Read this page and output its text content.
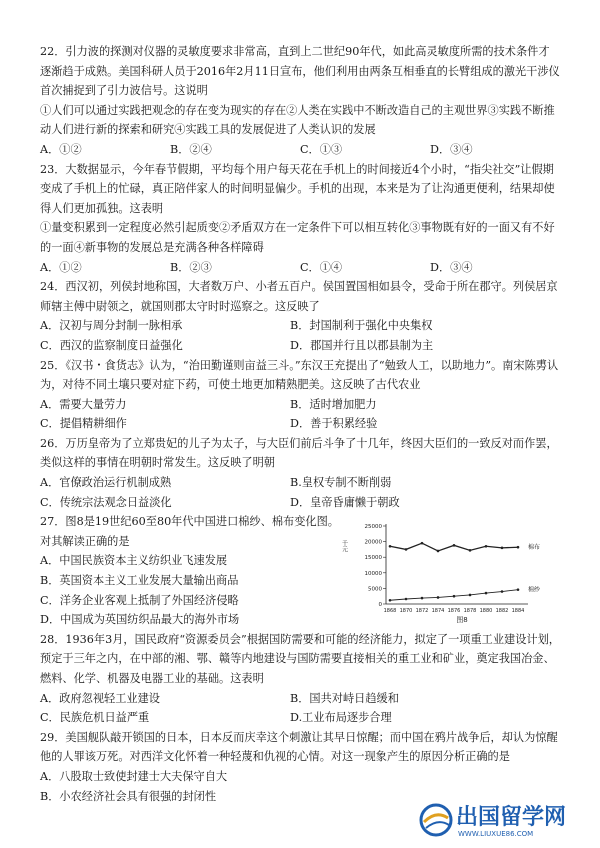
22．引力波的探测对仪器的灵敏度要求非常高，直到上二世纪90年代，如此高灵敏度所需的技术条件才逐渐趋于成熟。美国科研人员于2016年2月11日宣布，他们利用由两条互相垂直的长臂组成的激光干涉仪首次捕捉到了引力波信号。这说明

①人们可以通过实践把观念的存在变为现实的存在②人类在实践中不断改造自己的主观世界③实践不断推动人们进行新的探索和研究④实践工具的发展促进了人类认识的发展

A．①②	B．②④	C．①③	D．③④

23．大数据显示，今年春节假期，平均每个用户每天花在手机上的时间接近4个小时，“指尖社交”让假期变成了手机上的忙碌，真正陪伴家人的时间明显偏少。手机的出现，本来是为了让沟通更便利，结果却使得人们更加孤独。这表明

①量变积累到一定程度必然引起质变②矛盾双方在一定条件下可以相互转化③事物既有好的一面又有不好的一面④新事物的发展总是充满各种各样障碍

A．①②	B．②③	C．①④	D．③④

24．西汉初，列侯封地称国，大者数万户、小者五百户。侯国置国相如县令，受命于所在郡守。列侯居京师辖主傅中尉领之，就国则郡太守时时巡察之。这反映了

A．汉初与周分封制一脉相承	B．封国制利于强化中央集权
C．西汉的监察制度日益强化	D．郡国并行且以郡县制为主

25．《汉书・食货志》认为，“治田勤谨则亩益三斗。”东汉王充提出了“勉致人工，以助地力”。南宋陈旉认为，对待不同土壤只要对症下药，可使土地更加精熟肥美。这反映了古代农业

A．需要大量劳力	B．适时增加肥力
C．提倡精耕细作	D．善于积累经验

26．万历皇帝为了立郑贵妃的儿子为太子，与大臣们前后斗争了十几年，终因大臣们的一致反对而作罢，类似这样的事情在明朝时常发生。这反映了明朝

A．官僚政治运行机制成熟	B.皇权专制不断削弱
C．传统宗法观念日益淡化	D．皇帝昏庸懒于朝政

27．图8是19世纪60至80年代中国进口棉纱、棉布变化图。对其解读正确的是

A．中国民族资本主义纺织业飞速发展

B．英国资本主义工业发展大量输出商品

C．洋务企业客观上抵制了外国经济侵略

D．中国成为英国纺织品最大的海外市场

千元
25000
20000
15000
10000
5000
0
1868 1870 1872 1874 1876 1878 1880 1882 1884
棉纱
棉布
图8

28．1936年3月，国民政府“资源委员会”根据国防需要和可能的经济能力，拟定了一项重工业建设计划，预定于三年之内，在中部的湘、鄂、赣等内地建设与国防需要直接相关的重工业和矿业，奠定我国冶金、燃料、化学、机器及电器工业的基础。这表明

A．政府忽视轻工业建设	B．国共对峙日趋缓和
C．民族危机日益严重	D.工业布局逐步合理

29．美国舰队敲开锁国的日本，日本反而庆幸这个刺激让其早日惊醒；而中国在鸦片战争后，却认为惊醒他的人罪该万死。对西洋文化怀着一种轻蔑和仇视的心情。对这一现象产生的原因分析正确的是

A．八股取士致使封建士大夫保守自大

B．小农经济社会具有很强的封闭性

出国留学网
WWW.LIUXUE86.COM
